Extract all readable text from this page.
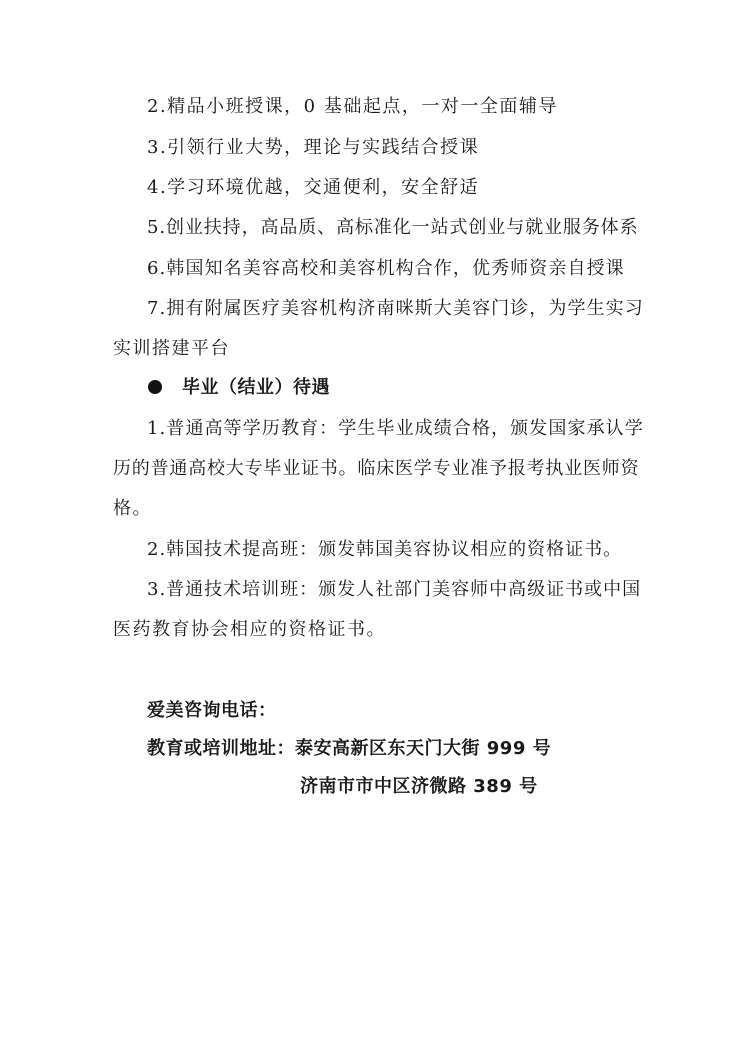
2.精品小班授课，0 基础起点，一对一全面辅导
3.引领行业大势，理论与实践结合授课
4.学习环境优越，交通便利，安全舒适
5.创业扶持，高品质、高标准化一站式创业与就业服务体系
6.韩国知名美容高校和美容机构合作，优秀师资亲自授课
7.拥有附属医疗美容机构济南咪斯大美容门诊，为学生实习
实训搭建平台
毕业（结业）待遇
1.普通高等学历教育：学生毕业成绩合格，颁发国家承认学
历的普通高校大专毕业证书。临床医学专业准予报考执业医师资
格。
2.韩国技术提高班：颁发韩国美容协议相应的资格证书。
3.普通技术培训班：颁发人社部门美容师中高级证书或中国
医药教育协会相应的资格证书。
爱美咨询电话：
教育或培训地址：泰安高新区东天门大街 999 号
济南市市中区济微路 389 号
